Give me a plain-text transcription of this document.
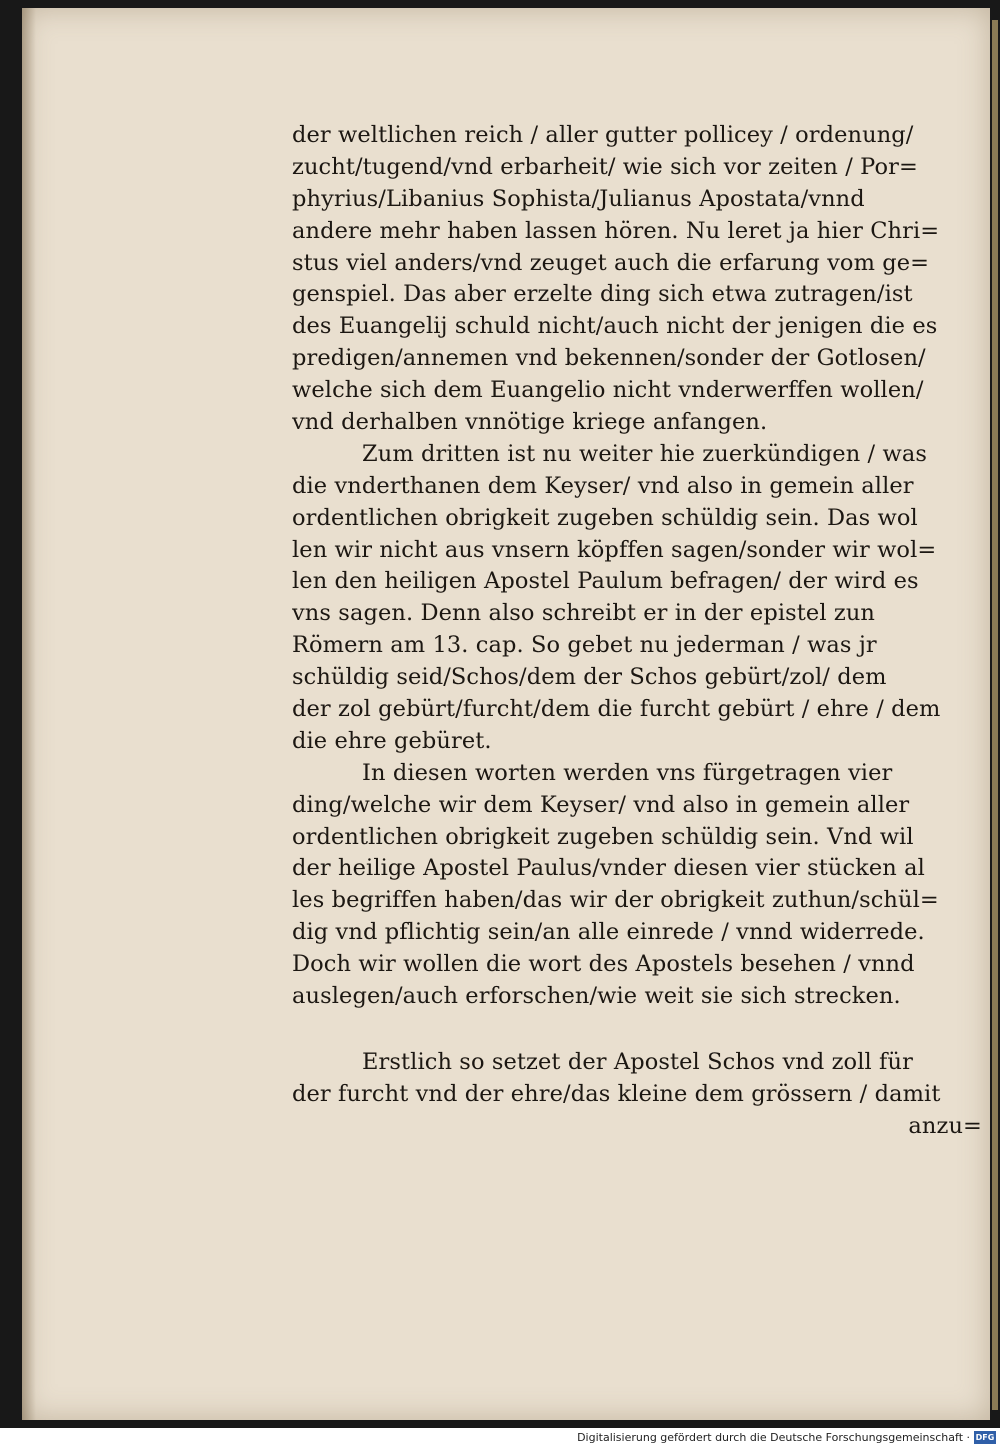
der weltlichen reich / aller gutter pollicey / ordenung/
zucht/tugend/vnd erbarheit/ wie sich vor zeiten / Por=
phyrius/Libanius Sophista/Julianus Apostata/vnnd
andere mehr haben lassen hören. Nu leret ja hier Chri=
stus viel anders/vnd zeuget auch die erfarung vom ge=
genspiel. Das aber erzelte ding sich etwa zutragen/ist
des Euangelij schuld nicht/auch nicht der jenigen die es
predigen/annemen vnd bekennen/sonder der Gotlosen/
welche sich dem Euangelio nicht vnderwerffen wollen/
vnd derhalben vnnötige kriege anfangen.
Zum dritten ist nu weiter hie zuerkündigen / was
die vnderthanen dem Keyser/ vnd also in gemein aller
ordentlichen obrigkeit zugeben schüldig sein. Das wol
len wir nicht aus vnsern köpffen sagen/sonder wir wol=
len den heiligen Apostel Paulum befragen/ der wird es
vns sagen. Denn also schreibt er in der epistel zun
Römern am 13. cap. So gebet nu jederman / was jr
schüldig seid/Schos/dem der Schos gebürt/zol/ dem
der zol gebürt/furcht/dem die furcht gebürt / ehre / dem
die ehre gebüret.
In diesen worten werden vns fürgetragen vier
ding/welche wir dem Keyser/ vnd also in gemein aller
ordentlichen obrigkeit zugeben schüldig sein. Vnd wil
der heilige Apostel Paulus/vnder diesen vier stücken al
les begriffen haben/das wir der obrigkeit zuthun/schül=
dig vnd pflichtig sein/an alle einrede / vnnd widerrede.
Doch wir wollen die wort des Apostels besehen / vnnd
auslegen/auch erforschen/wie weit sie sich strecken.
Erstlich so setzet der Apostel Schos vnd zoll für
der furcht vnd der ehre/das kleine dem grössern / damit
anzu=
Digitalisierung gefördert durch die Deutsche Forschungsgemeinschaft · DFG
